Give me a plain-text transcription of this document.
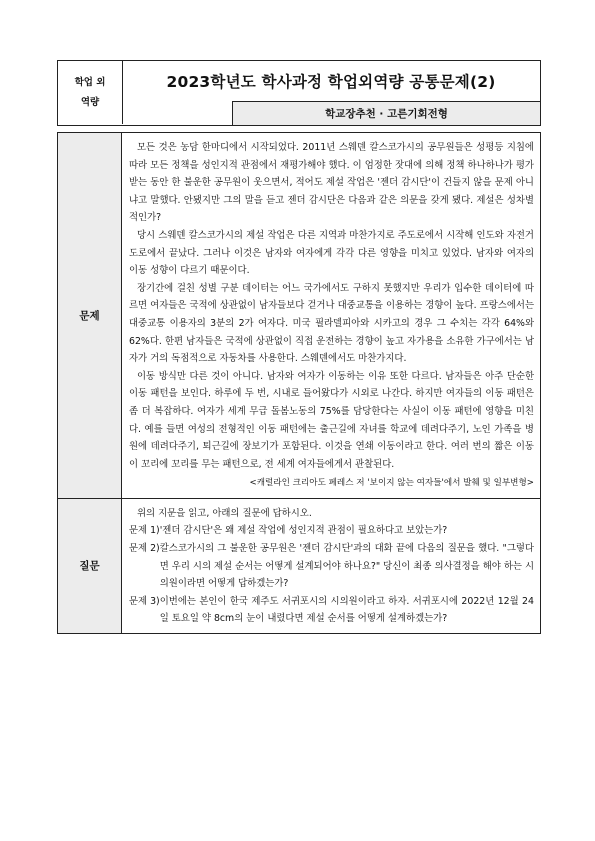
학업 외
역량
2023학년도 학사과정 학업외역량 공통문제(2)
학교장추천 · 고른기회전형
문제

모든 것은 농담 한마디에서 시작되었다. 2011년 스웨덴 칼스코가시의 공무원들은 성평등 지침에 따라 모든 정책을 성인지적 관점에서 재평가해야 했다. 이 엄정한 잣대에 의해 정책 하나하나가 평가받는 동안 한 불운한 공무원이 웃으면서, 적어도 제설 작업은 '젠더 감시단'이 건들지 않을 문제 아니냐고 말했다. 안됐지만 그의 말을 듣고 젠더 감시단은 다음과 같은 의문을 갖게 됐다. 제설은 성차별적인가?

당시 스웨덴 칼스코가시의 제설 작업은 다른 지역과 마찬가지로 주도로에서 시작해 인도와 자전거도로에서 끝났다. 그러나 이것은 남자와 여자에게 각각 다른 영향을 미치고 있었다. 남자와 여자의 이동 성향이 다르기 때문이다.

장기간에 걸친 성별 구분 데이터는 어느 국가에서도 구하지 못했지만 우리가 입수한 데이터에 따르면 여자들은 국적에 상관없이 남자들보다 걷거나 대중교통을 이용하는 경향이 높다. 프랑스에서는 대중교통 이용자의 3분의 2가 여자다. 미국 필라델피아와 시카고의 경우 그 수치는 각각 64%와 62%다. 한편 남자들은 국적에 상관없이 직접 운전하는 경향이 높고 자가용을 소유한 가구에서는 남자가 거의 독점적으로 자동차를 사용한다. 스웨덴에서도 마찬가지다.

이동 방식만 다른 것이 아니다. 남자와 여자가 이동하는 이유 또한 다르다. 남자들은 아주 단순한 이동 패턴을 보인다. 하루에 두 번, 시내로 들어왔다가 시외로 나간다. 하지만 여자들의 이동 패턴은 좀 더 복잡하다. 여자가 세계 무급 돌봄노동의 75%를 담당한다는 사실이 이동 패턴에 영향을 미친다. 예를 들면 여성의 전형적인 이동 패턴에는 출근길에 자녀를 학교에 데려다주기, 노인 가족을 병원에 데려다주기, 퇴근길에 장보기가 포함된다. 이것을 연쇄 이동이라고 한다. 여러 번의 짧은 이동이 꼬리에 꼬리를 무는 패턴으로, 전 세계 여자들에게서 관찰된다.

<캐럴라인 크리아도 페레스 저 '보이지 않는 여자들'에서 발췌 및 일부변형>
질문

위의 지문을 읽고, 아래의 질문에 답하시오.

문제 1) '젠더 감시단'은 왜 제설 작업에 성인지적 관점이 필요하다고 보았는가?
문제 2) 칼스코가시의 그 불운한 공무원은 '젠더 감시단'과의 대화 끝에 다음의 질문을 했다. "그렇다면 우리 시의 제설 순서는 어떻게 설계되어야 하나요?" 당신이 최종 의사결정을 해야 하는 시의원이라면 어떻게 답하겠는가?
문제 3) 이번에는 본인이 한국 제주도 서귀포시의 시의원이라고 하자. 서귀포시에 2022년 12월 24일 토요일 약 8cm의 눈이 내렸다면 제설 순서를 어떻게 설계하겠는가?
